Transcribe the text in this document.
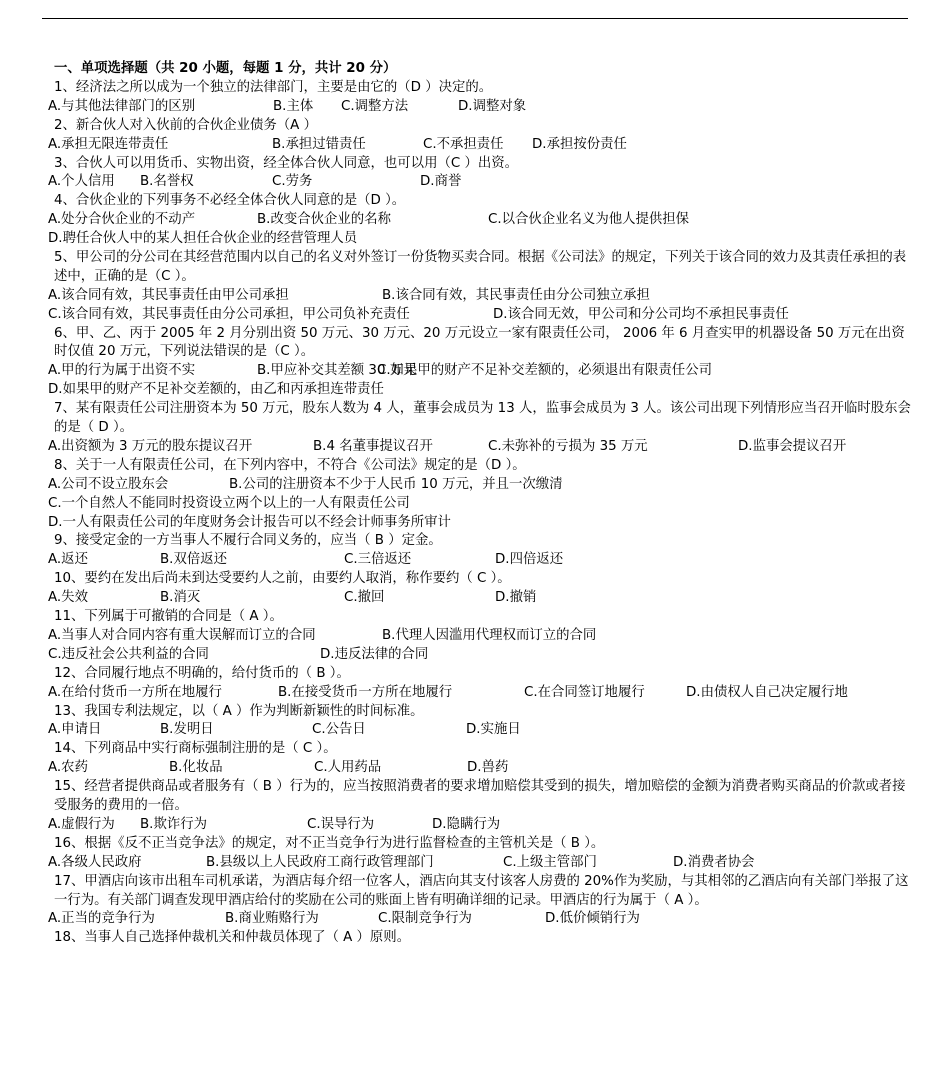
一、单项选择题（共 20 小题，每题 1 分，共计 20 分）
1、经济法之所以成为一个独立的法律部门，主要是由它的（D ）决定的。
A.与其他法律部门的区别	B.主体 C.调整方法	D.调整对象
2、新合伙人对入伙前的合伙企业债务（A ）
A.承担无限连带责任	B.承担过错责任	C.不承担责任 D.承担按份责任
3、合伙人可以用货币、实物出资，经全体合伙人同意，也可以用（C ）出资。
A.个人信用 B.名誉权	C.劳务	D.商誉
4、合伙企业的下列事务不必经全体合伙人同意的是（D ）。
A.处分合伙企业的不动产	B.改变合伙企业的名称	C.以合伙企业名义为他人提供担保
D.聘任合伙人中的某人担任合伙企业的经营管理人员
5、甲公司的分公司在其经营范围内以自己的名义对外签订一份货物买卖合同。根据《公司法》的规定，下列关于该合同的效力及其责任承担的表述中，正确的是（C ）。
A.该合同有效，其民事责任由甲公司承担	B.该合同有效，其民事责任由分公司独立承担
C.该合同有效，其民事责任由分公司承担，甲公司负补充责任	D.该合同无效，甲公司和分公司均不承担民事责任
6、甲、乙、丙于 2005 年 2 月分别出资 50 万元、30 万元、20 万元设立一家有限责任公司， 2006 年 6 月查实甲的机器设备 50 万元在出资时仅值 20 万元，下列说法错误的是（C ）。
A.甲的行为属于出资不实	B.甲应补交其差额 30 万元
C.如果甲的财产不足补交差额的，必须退出有限责任公司
D.如果甲的财产不足补交差额的，由乙和丙承担连带责任
7、某有限责任公司注册资本为 50 万元，股东人数为 4 人，董事会成员为 13 人，监事会成员为 3 人。该公司出现下列情形应当召开临时股东会的是（ D ）。
A.出资额为 3 万元的股东提议召开	B.4 名董事提议召开	C.未弥补的亏损为 35 万元	D.监事会提议召开
8、关于一人有限责任公司，在下列内容中，不符合《公司法》规定的是（D ）。
A.公司不设立股东会	B.公司的注册资本不少于人民币 10 万元，并且一次缴清
C.一个自然人不能同时投资设立两个以上的一人有限责任公司
D.一人有限责任公司的年度财务会计报告可以不经会计师事务所审计
9、接受定金的一方当事人不履行合同义务的，应当（ B ）定金。
A.返还	B.双倍返还	C.三倍返还	D.四倍返还
10、要约在发出后尚未到达受要约人之前，由要约人取消，称作要约（ C ）。
A.失效	B.消灭	C.撤回	D.撤销
11、下列属于可撤销的合同是（ A ）。
A.当事人对合同内容有重大误解而订立的合同	B.代理人因滥用代理权而订立的合同
C.违反社会公共利益的合同	D.违反法律的合同
12、合同履行地点不明确的，给付货币的（ B ）。
A.在给付货币一方所在地履行	B.在接受货币一方所在地履行	C.在合同签订地履行	D.由债权人自己决定履行地
13、我国专利法规定，以（ A ）作为判断新颖性的时间标准。
A.申请日	B.发明日	C.公告日	D.实施日
14、下列商品中实行商标强制注册的是（ C ）。
A.农药	B.化妆品	C.人用药品	D.兽药
15、经营者提供商品或者服务有（ B ）行为的，应当按照消费者的要求增加赔偿其受到的损失，增加赔偿的金额为消费者购买商品的价款或者接受服务的费用的一倍。
A.虚假行为 B.欺诈行为	C.误导行为	D.隐瞒行为
16、根据《反不正当竞争法》的规定，对不正当竞争行为进行监督检查的主管机关是（ B ）。
A.各级人民政府	B.县级以上人民政府工商行政管理部门	C.上级主管部门	D.消费者协会
17、甲酒店向该市出租车司机承诺，为酒店每介绍一位客人，酒店向其支付该客人房费的 20%作为奖励，与其相邻的乙酒店向有关部门举报了这一行为。有关部门调查发现甲酒店给付的奖励在公司的账面上皆有明确详细的记录。甲酒店的行为属于（ A ）。
A.正当的竞争行为	B.商业贿赂行为	C.限制竞争行为	D.低价倾销行为
18、当事人自己选择仲裁机关和仲裁员体现了（ A ）原则。
